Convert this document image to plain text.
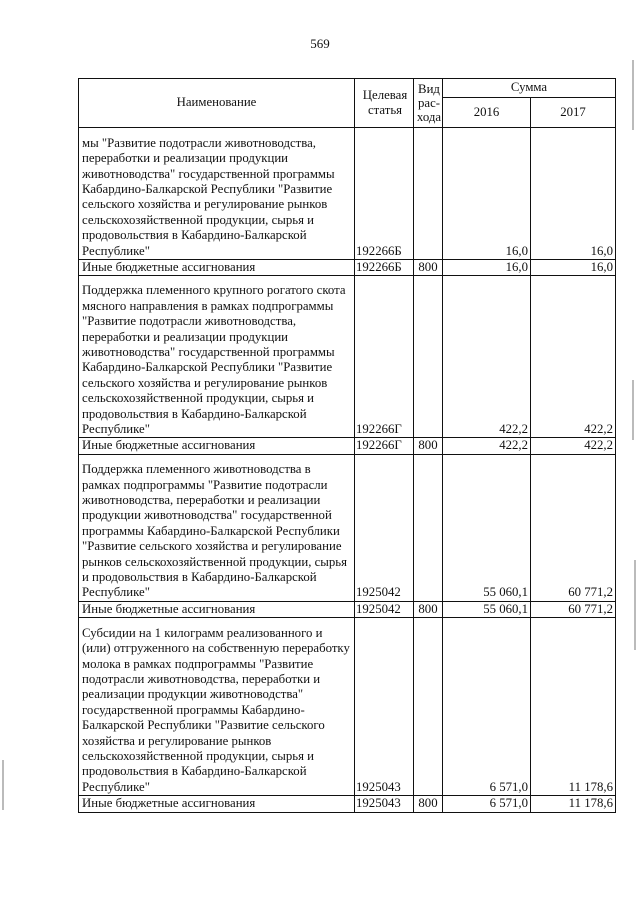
569
Наименование	Целевая статья	Вид рас-хода	Сумма	
			2016	2017
мы "Развитие подотрасли животноводства, переработки и реализации продукции животноводства" государственной программы Кабардино-Балкарской Республики "Развитие сельского хозяйства и регулирование рынков сельскохозяйственной продукции, сырья и продовольствия в Кабардино-Балкарской Республике"	192266Б		16,0	16,0
Иные бюджетные ассигнования	192266Б	800	16,0	16,0
Поддержка племенного крупного рогатого скота мясного направления в рамках подпрограммы "Развитие подотрасли животноводства, переработки и реализации продукции животноводства" государственной программы Кабардино-Балкарской Республики "Развитие сельского хозяйства и регулирование рынков сельскохозяйственной продукции, сырья и продовольствия в Кабардино-Балкарской Республике"	192266Г		422,2	422,2
Иные бюджетные ассигнования	192266Г	800	422,2	422,2
Поддержка племенного животноводства в рамках подпрограммы "Развитие подотрасли животноводства, переработки и реализации продукции животноводства" государственной программы Кабардино-Балкарской Республики "Развитие сельского хозяйства и регулирование рынков сельскохозяйственной продукции, сырья и продовольствия в Кабардино-Балкарской Республике"	1925042		55 060,1	60 771,2
Иные бюджетные ассигнования	1925042	800	55 060,1	60 771,2
Субсидии на 1 килограмм реализованного и (или) отгруженного на собственную переработку молока в рамках подпрограммы "Развитие подотрасли животноводства, переработки и реализации продукции животноводства" государственной программы Кабардино-Балкарской Республики "Развитие сельского хозяйства и регулирование рынков сельскохозяйственной продукции, сырья и продовольствия в Кабардино-Балкарской Республике"	1925043		6 571,0	11 178,6
Иные бюджетные ассигнования	1925043	800	6 571,0	11 178,6
